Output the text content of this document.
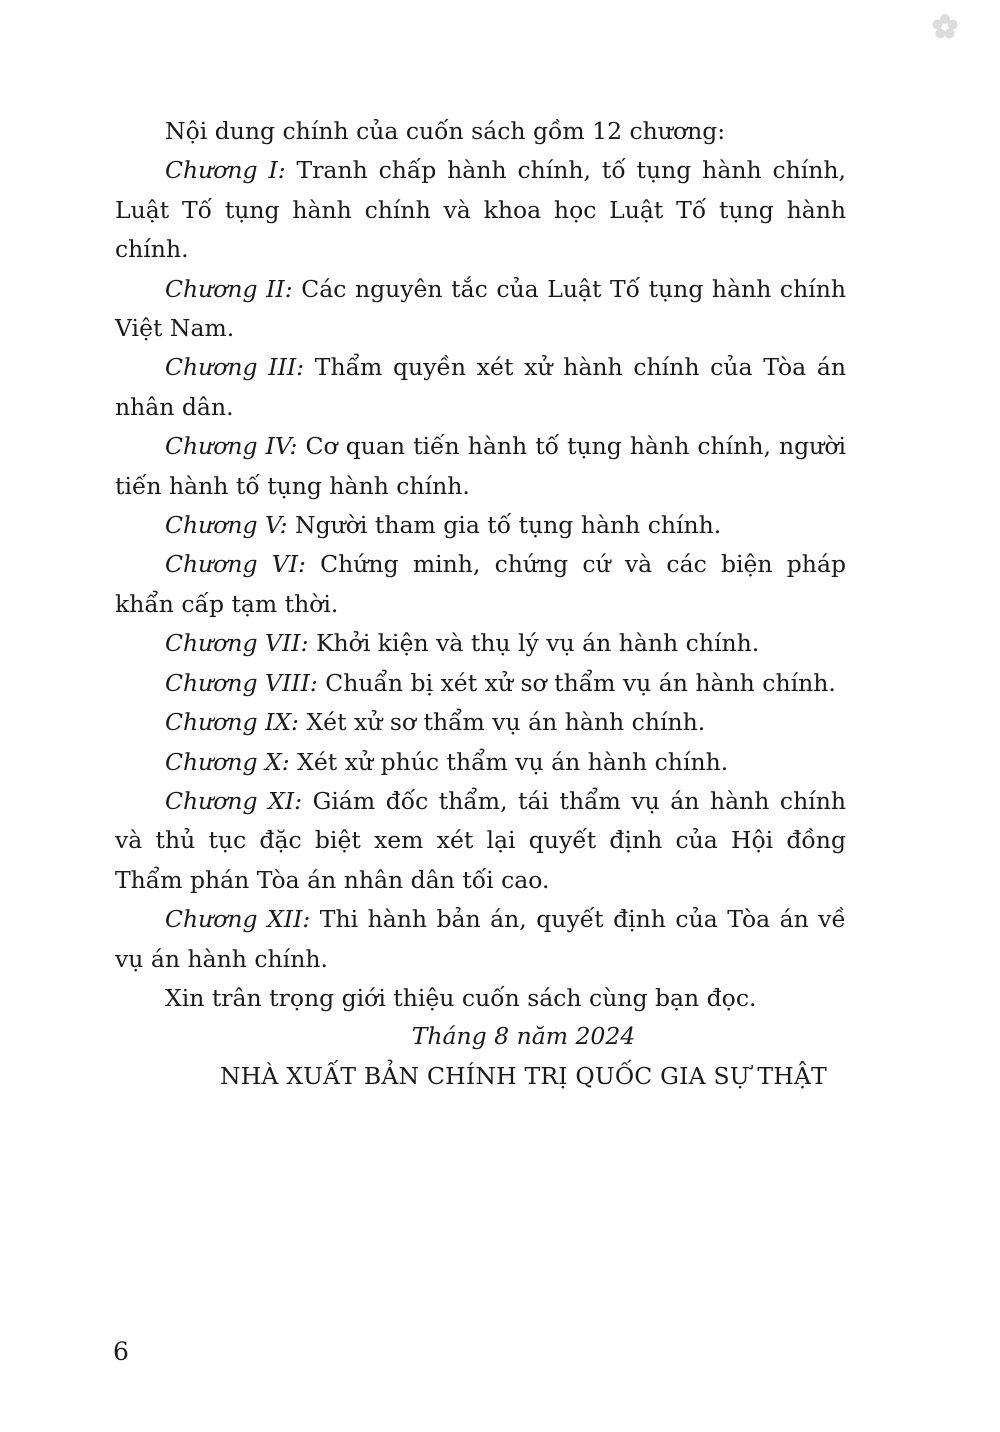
Nội dung chính của cuốn sách gồm 12 chương:

Chương I: Tranh chấp hành chính, tố tụng hành chính, Luật Tố tụng hành chính và khoa học Luật Tố tụng hành chính.

Chương II: Các nguyên tắc của Luật Tố tụng hành chính Việt Nam.

Chương III: Thẩm quyền xét xử hành chính của Tòa án nhân dân.

Chương IV: Cơ quan tiến hành tố tụng hành chính, người tiến hành tố tụng hành chính.

Chương V: Người tham gia tố tụng hành chính.

Chương VI: Chứng minh, chứng cứ và các biện pháp khẩn cấp tạm thời.

Chương VII: Khởi kiện và thụ lý vụ án hành chính.

Chương VIII: Chuẩn bị xét xử sơ thẩm vụ án hành chính.

Chương IX: Xét xử sơ thẩm vụ án hành chính.

Chương X: Xét xử phúc thẩm vụ án hành chính.

Chương XI: Giám đốc thẩm, tái thẩm vụ án hành chính và thủ tục đặc biệt xem xét lại quyết định của Hội đồng Thẩm phán Tòa án nhân dân tối cao.

Chương XII: Thi hành bản án, quyết định của Tòa án về vụ án hành chính.

Xin trân trọng giới thiệu cuốn sách cùng bạn đọc.

Tháng 8 năm 2024
NHÀ XUẤT BẢN CHÍNH TRỊ QUỐC GIA SỰ THẬT
6
